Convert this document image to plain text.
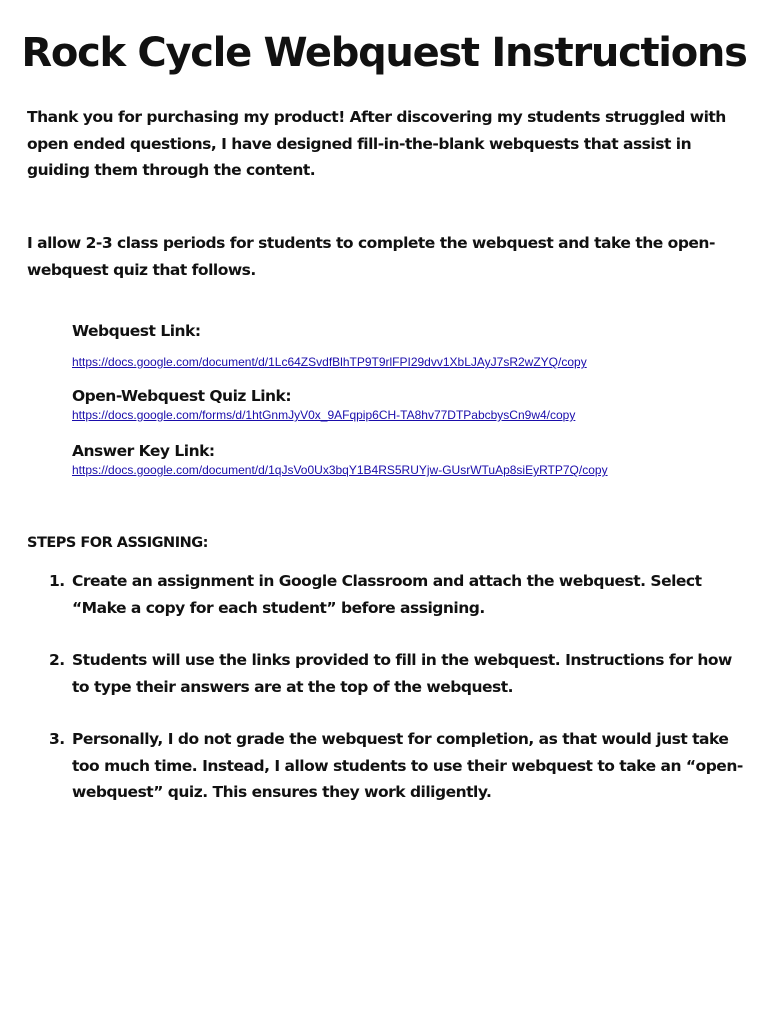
Rock Cycle Webquest Instructions
Thank you for purchasing my product! After discovering my students struggled with open ended questions, I have designed fill-in-the-blank webquests that assist in guiding them through the content.
I allow 2-3 class periods for students to complete the webquest and take the open-webquest quiz that follows.
Webquest Link:
https://docs.google.com/document/d/1Lc64ZSvdfBlhTP9T9rlFPI29dvv1XbLJAyJ7sR2wZYQ/copy
Open-Webquest Quiz Link:
https://docs.google.com/forms/d/1htGnmJyV0x_9AFqpip6CH-TA8hv77DTPabcbysCn9w4/copy
Answer Key Link:
https://docs.google.com/document/d/1qJsVo0Ux3bqY1B4RS5RUYjw-GUsrWTuAp8siEyRTP7Q/copy
STEPS FOR ASSIGNING:
1. Create an assignment in Google Classroom and attach the webquest. Select “Make a copy for each student” before assigning.
2. Students will use the links provided to fill in the webquest. Instructions for how to type their answers are at the top of the webquest.
3. Personally, I do not grade the webquest for completion, as that would just take too much time. Instead, I allow students to use their webquest to take an “open-webquest” quiz. This ensures they work diligently.
